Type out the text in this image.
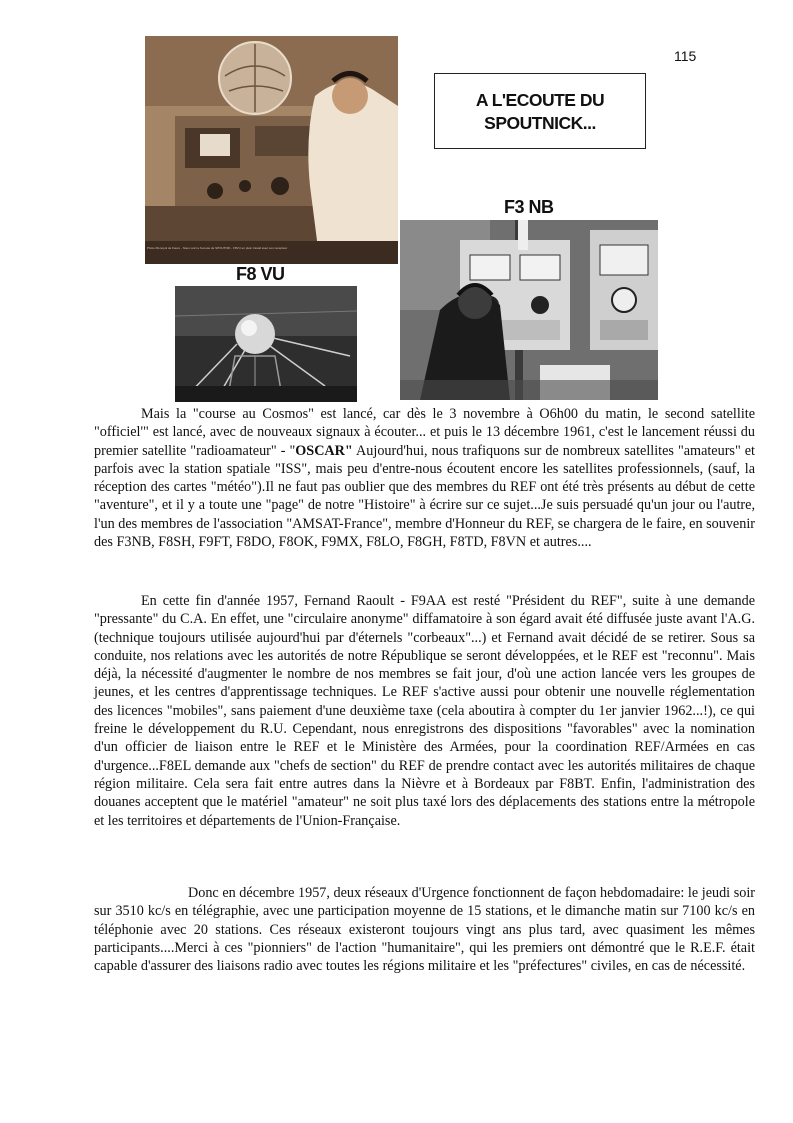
115
Photo Monopol de Faure - Nous voici a l'ecoute de SPOUTNIK - F8VU en plein travail avec son recepteur
A L'ECOUTE DU
SPOUTNICK...
F3 NB
F8 VU

Mais la "course au Cosmos" est lancé, car dès le 3 novembre à O6h00 du matin, le second satellite "officiel'" est lancé, avec de nouveaux signaux à écouter... et puis le 13 décembre 1961, c'est le lancement réussi du premier satellite "radioamateur" - "OSCAR" Aujourd'hui, nous trafiquons sur de nombreux satellites "amateurs" et parfois avec la station spatiale "ISS", mais peu d'entre-nous écoutent encore les satellites professionnels, (sauf, la réception des cartes "météo").Il ne faut pas oublier que des membres du REF ont été très présents au début de cette "aventure", et il y a toute une "page" de notre "Histoire" à écrire sur ce sujet...Je suis persuadé qu'un jour ou l'autre, l'un des membres de l'association "AMSAT-France", membre d'Honneur du REF, se chargera de le faire, en souvenir des F3NB, F8SH, F9FT, F8DO, F8OK, F9MX, F8LO, F8GH, F8TD, F8VN et autres....

En cette fin d'année 1957, Fernand Raoult - F9AA est resté "Président du REF", suite à une demande "pressante" du C.A. En effet, une "circulaire anonyme" diffamatoire à son égard avait été diffusée juste avant l'A.G. (technique toujours utilisée aujourd'hui par d'éternels "corbeaux"...) et Fernand avait décidé de se retirer. Sous sa conduite, nos relations avec les autorités de notre République se seront développées, et le REF est "reconnu". Mais déjà, la nécessité d'augmenter le nombre de nos membres se fait jour, d'où une action lancée vers les groupes de jeunes, et les centres d'apprentissage techniques. Le REF s'active aussi pour obtenir une nouvelle réglementation des licences "mobiles", sans paiement d'une deuxième taxe (cela aboutira à compter du 1er janvier 1962...!), ce qui freine le développement du R.U. Cependant, nous enregistrons des dispositions "favorables" avec la nomination d'un officier de liaison entre le REF et le Ministère des Armées, pour la coordination REF/Armées en cas d'urgence...F8EL demande aux "chefs de section" du REF de prendre contact avec les autorités militaires de chaque région militaire. Cela sera fait entre autres dans la Nièvre et à Bordeaux par F8BT. Enfin, l'administration des douanes acceptent que le matériel "amateur" ne soit plus taxé lors des déplacements des stations entre la métropole et les territoires et départements de l'Union-Française.

Donc en décembre 1957, deux réseaux d'Urgence fonctionnent de façon hebdomadaire: le jeudi soir sur 3510 kc/s en télégraphie, avec une participation moyenne de 15 stations, et le dimanche matin sur 7100 kc/s en téléphonie avec 20 stations. Ces réseaux existeront toujours vingt ans plus tard, avec quasiment les mêmes participants....Merci à ces "pionniers" de l'action "humanitaire", qui les premiers ont démontré que le R.E.F. était capable d'assurer des liaisons radio avec toutes les régions militaire et les "préfectures" civiles, en cas de nécessité.
